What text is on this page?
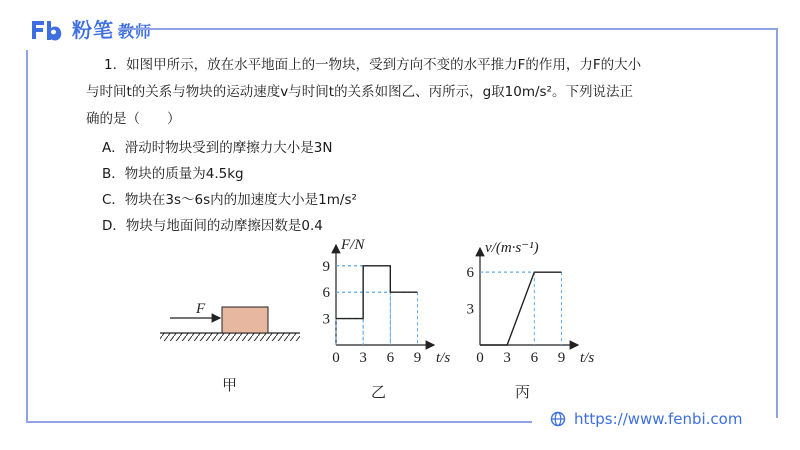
粉笔 教师
1．如图甲所示，放在水平地面上的一物块，受到方向不变的水平推力F的作用，力F的大小
与时间t的关系与物块的运动速度v与时间t的关系如图乙、丙所示，g取10m/s²。下列说法正
确的是（　　）
A．滑动时物块受到的摩擦力大小是3N
B．物块的质量为4.5kg
C．物块在3s～6s内的加速度大小是1m/s²
D．物块与地面间的动摩擦因数是0.4
F
甲
0 3 6 9
3
6
9
t/s
F/N
乙
0 3 6 9
3
6
t/s
v/(m·s⁻¹)
丙
https://www.fenbi.com
